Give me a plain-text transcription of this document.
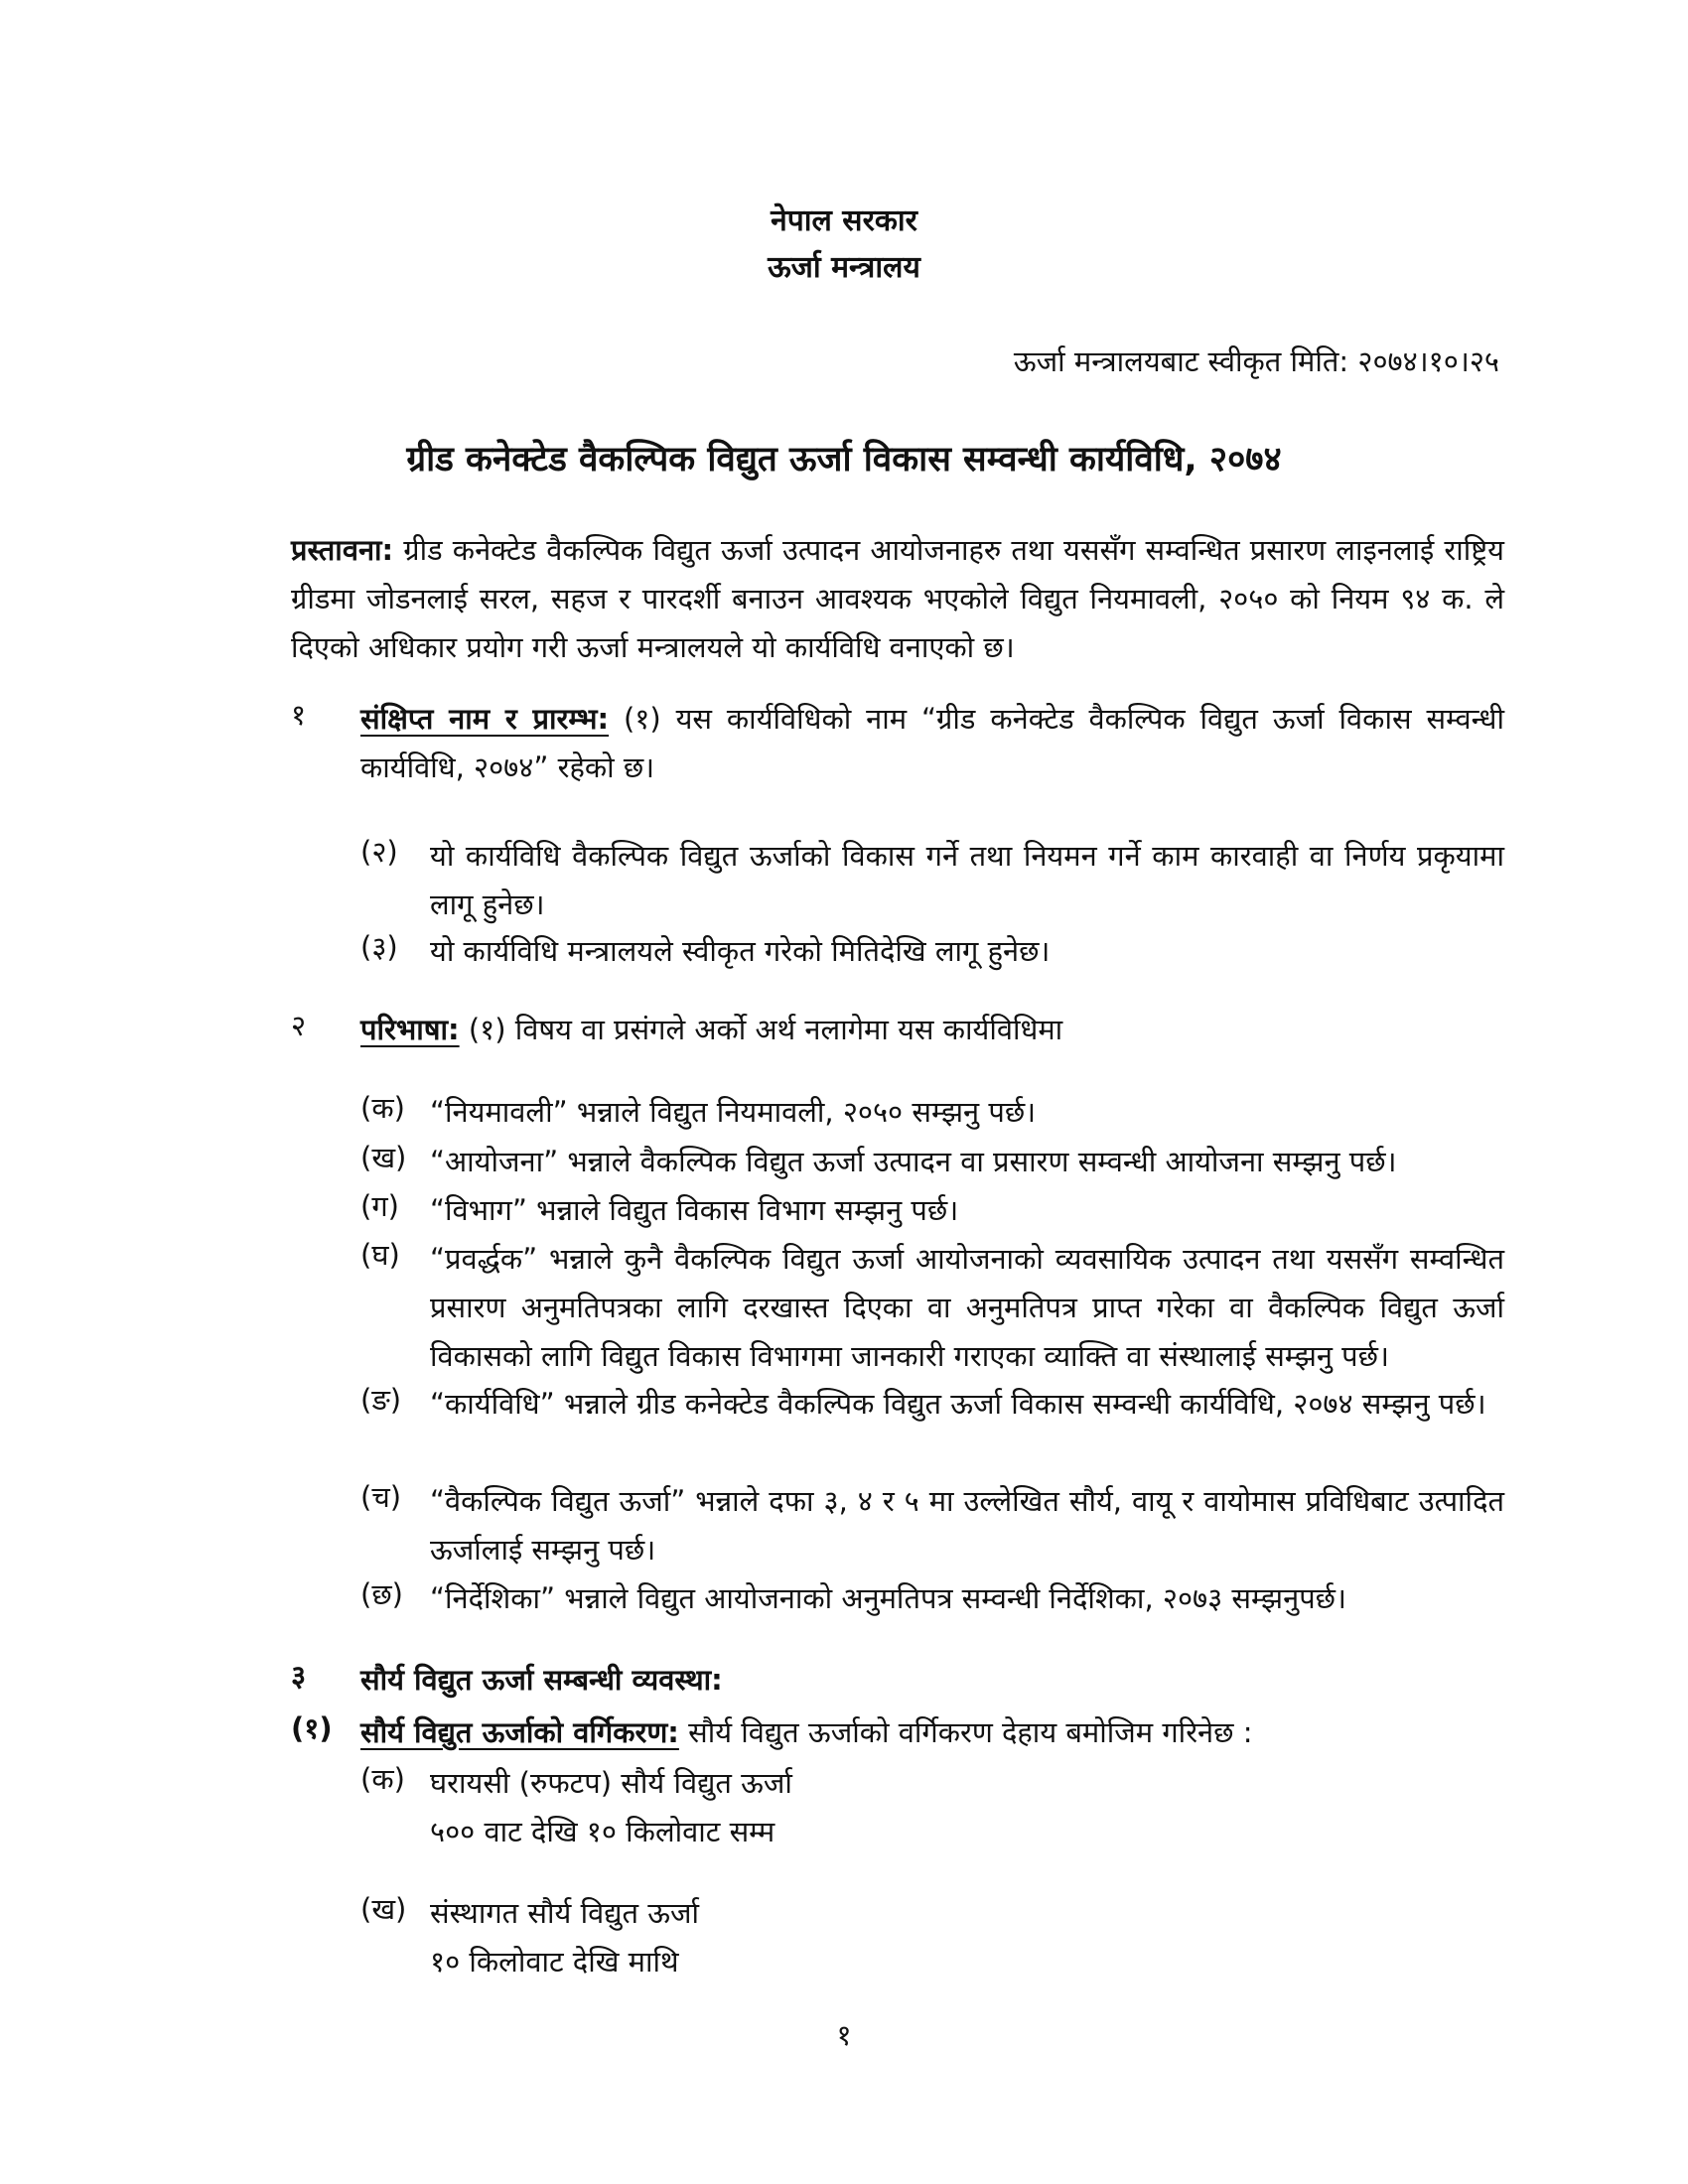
नेपाल सरकार
ऊर्जा मन्त्रालय
ऊर्जा मन्त्रालयबाट स्वीकृत मिति: २०७४।१०।२५
ग्रीड कनेक्टेड वैकल्पिक विद्युत ऊर्जा विकास सम्वन्धी कार्यविधि, २०७४
प्रस्तावना: ग्रीड कनेक्टेड वैकल्पिक विद्युत ऊर्जा उत्पादन आयोजनाहरु तथा यससँग सम्वन्धित प्रसारण लाइनलाई राष्ट्रिय ग्रीडमा जोडनलाई सरल, सहज र पारदर्शी बनाउन आवश्यक भएकोले विद्युत नियमावली, २०५० को नियम ९४ क. ले दिएको अधिकार प्रयोग गरी ऊर्जा मन्त्रालयले यो कार्यविधि वनाएको छ।
१ संक्षिप्त नाम र प्रारम्भ: (१) यस कार्यविधिको नाम “ग्रीड कनेक्टेड वैकल्पिक विद्युत ऊर्जा विकास सम्वन्धी कार्यविधि, २०७४” रहेको छ।
(२) यो कार्यविधि वैकल्पिक विद्युत ऊर्जाको विकास गर्ने तथा नियमन गर्ने काम कारवाही वा निर्णय प्रकृयामा लागू हुनेछ।
(३) यो कार्यविधि मन्त्रालयले स्वीकृत गरेको मितिदेखि लागू हुनेछ।
२ परिभाषा: (१) विषय वा प्रसंगले अर्को अर्थ नलागेमा यस कार्यविधिमा
(क) “नियमावली” भन्नाले विद्युत नियमावली, २०५० सम्झनु पर्छ।
(ख) “आयोजना” भन्नाले वैकल्पिक विद्युत ऊर्जा उत्पादन वा प्रसारण सम्वन्धी आयोजना सम्झनु पर्छ।
(ग) “विभाग” भन्नाले विद्युत विकास विभाग सम्झनु पर्छ।
(घ) “प्रवर्द्धक” भन्नाले कुनै वैकल्पिक विद्युत ऊर्जा आयोजनाको व्यवसायिक उत्पादन तथा यससँग सम्वन्धित प्रसारण अनुमतिपत्रका लागि दरखास्त दिएका वा अनुमतिपत्र प्राप्त गरेका वा वैकल्पिक विद्युत ऊर्जा विकासको लागि विद्युत विकास विभागमा जानकारी गराएका व्याक्ति वा संस्थालाई सम्झनु पर्छ।
(ङ) “कार्यविधि” भन्नाले ग्रीड कनेक्टेड वैकल्पिक विद्युत ऊर्जा विकास सम्वन्धी कार्यविधि, २०७४ सम्झनु पर्छ।
(च) “वैकल्पिक विद्युत ऊर्जा” भन्नाले दफा ३, ४ र ५ मा उल्लेखित सौर्य, वायू र वायोमास प्रविधिबाट उत्पादित ऊर्जालाई सम्झनु पर्छ।
(छ) “निर्देशिका” भन्नाले विद्युत आयोजनाको अनुमतिपत्र सम्वन्धी निर्देशिका, २०७३ सम्झनुपर्छ।
३ सौर्य विद्युत ऊर्जा सम्बन्धी व्यवस्था:
(१) सौर्य विद्युत ऊर्जाको वर्गिकरण: सौर्य विद्युत ऊर्जाको वर्गिकरण देहाय बमोजिम गरिनेछ :
(क) घरायसी (रुफटप) सौर्य विद्युत ऊर्जा
५०० वाट देखि १० किलोवाट सम्म
(ख) संस्थागत सौर्य विद्युत ऊर्जा
१० किलोवाट देखि माथि
१
